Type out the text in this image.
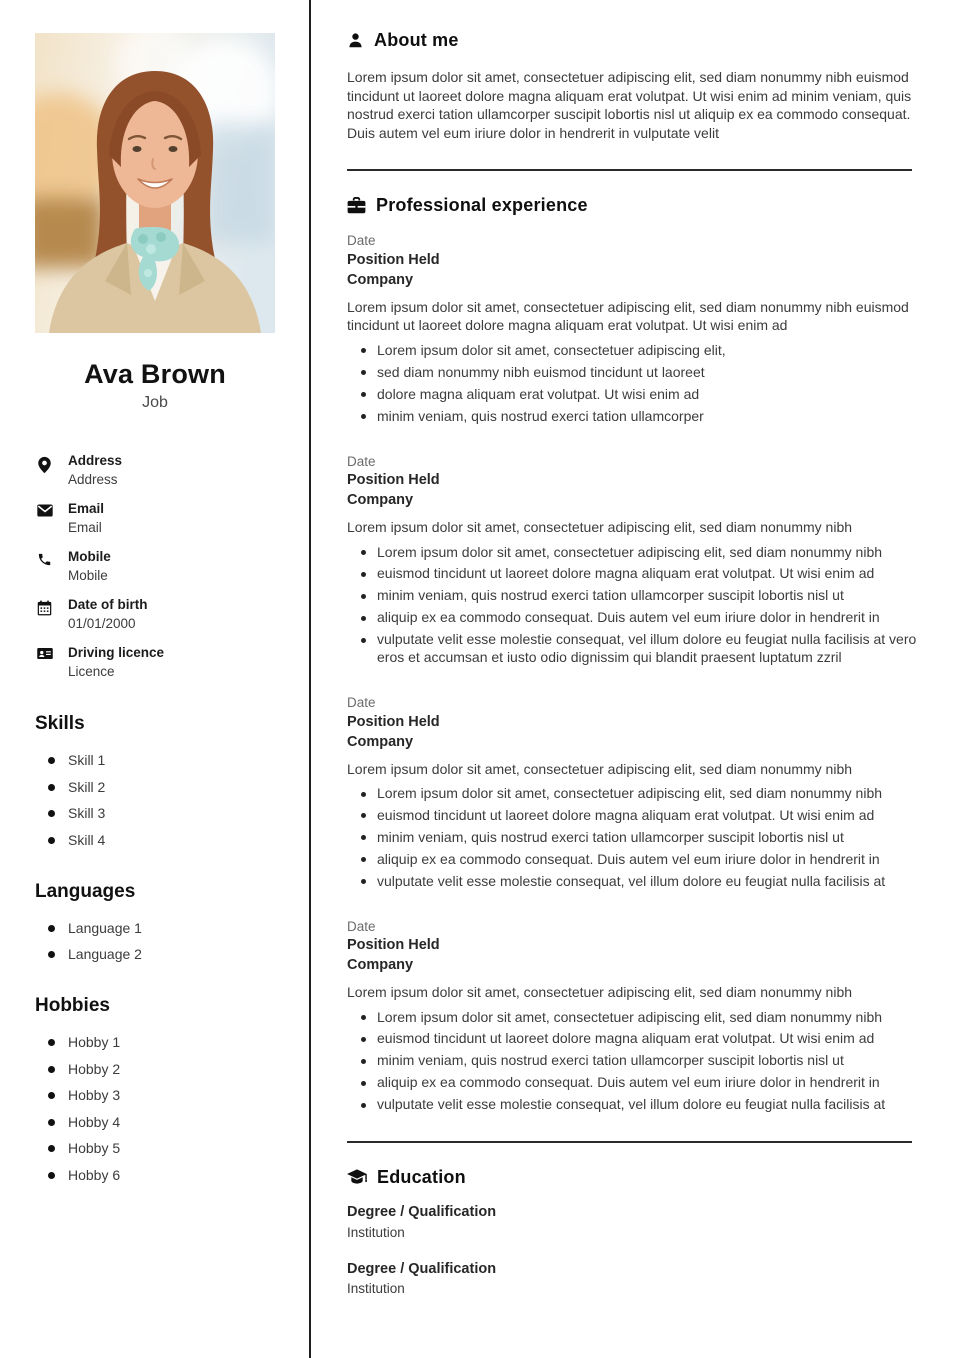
Ava Brown
Job
Address
Address
Email
Email
Mobile
Mobile
Date of birth
01/01/2000
Driving licence
Licence
Skills
Skill 1
Skill 2
Skill 3
Skill 4
Languages
Language 1
Language 2
Hobbies
Hobby 1
Hobby 2
Hobby 3
Hobby 4
Hobby 5
Hobby 6
About me

Lorem ipsum dolor sit amet, consectetuer adipiscing elit, sed diam nonummy nibh euismod tincidunt ut laoreet dolore magna aliquam erat volutpat. Ut wisi enim ad minim veniam, quis nostrud exerci tation ullamcorper suscipit lobortis nisl ut aliquip ex ea commodo consequat. Duis autem vel eum iriure dolor in hendrerit in vulputate velit

Professional experience
Date
Position Held
Company

Lorem ipsum dolor sit amet, consectetuer adipiscing elit, sed diam nonummy nibh euismod tincidunt ut laoreet dolore magna aliquam erat volutpat. Ut wisi enim ad

Lorem ipsum dolor sit amet, consectetuer adipiscing elit,
sed diam nonummy nibh euismod tincidunt ut laoreet
dolore magna aliquam erat volutpat. Ut wisi enim ad
minim veniam, quis nostrud exerci tation ullamcorper
Date
Position Held
Company

Lorem ipsum dolor sit amet, consectetuer adipiscing elit, sed diam nonummy nibh

Lorem ipsum dolor sit amet, consectetuer adipiscing elit, sed diam nonummy nibh
euismod tincidunt ut laoreet dolore magna aliquam erat volutpat. Ut wisi enim ad
minim veniam, quis nostrud exerci tation ullamcorper suscipit lobortis nisl ut
aliquip ex ea commodo consequat. Duis autem vel eum iriure dolor in hendrerit in
vulputate velit esse molestie consequat, vel illum dolore eu feugiat nulla facilisis at vero eros et accumsan et iusto odio dignissim qui blandit praesent luptatum zzril
Date
Position Held
Company

Lorem ipsum dolor sit amet, consectetuer adipiscing elit, sed diam nonummy nibh

Lorem ipsum dolor sit amet, consectetuer adipiscing elit, sed diam nonummy nibh
euismod tincidunt ut laoreet dolore magna aliquam erat volutpat. Ut wisi enim ad
minim veniam, quis nostrud exerci tation ullamcorper suscipit lobortis nisl ut
aliquip ex ea commodo consequat. Duis autem vel eum iriure dolor in hendrerit in
vulputate velit esse molestie consequat, vel illum dolore eu feugiat nulla facilisis at
Date
Position Held
Company

Lorem ipsum dolor sit amet, consectetuer adipiscing elit, sed diam nonummy nibh

Lorem ipsum dolor sit amet, consectetuer adipiscing elit, sed diam nonummy nibh
euismod tincidunt ut laoreet dolore magna aliquam erat volutpat. Ut wisi enim ad
minim veniam, quis nostrud exerci tation ullamcorper suscipit lobortis nisl ut
aliquip ex ea commodo consequat. Duis autem vel eum iriure dolor in hendrerit in
vulputate velit esse molestie consequat, vel illum dolore eu feugiat nulla facilisis at
Education
Degree / Qualification
Institution
Degree / Qualification
Institution
